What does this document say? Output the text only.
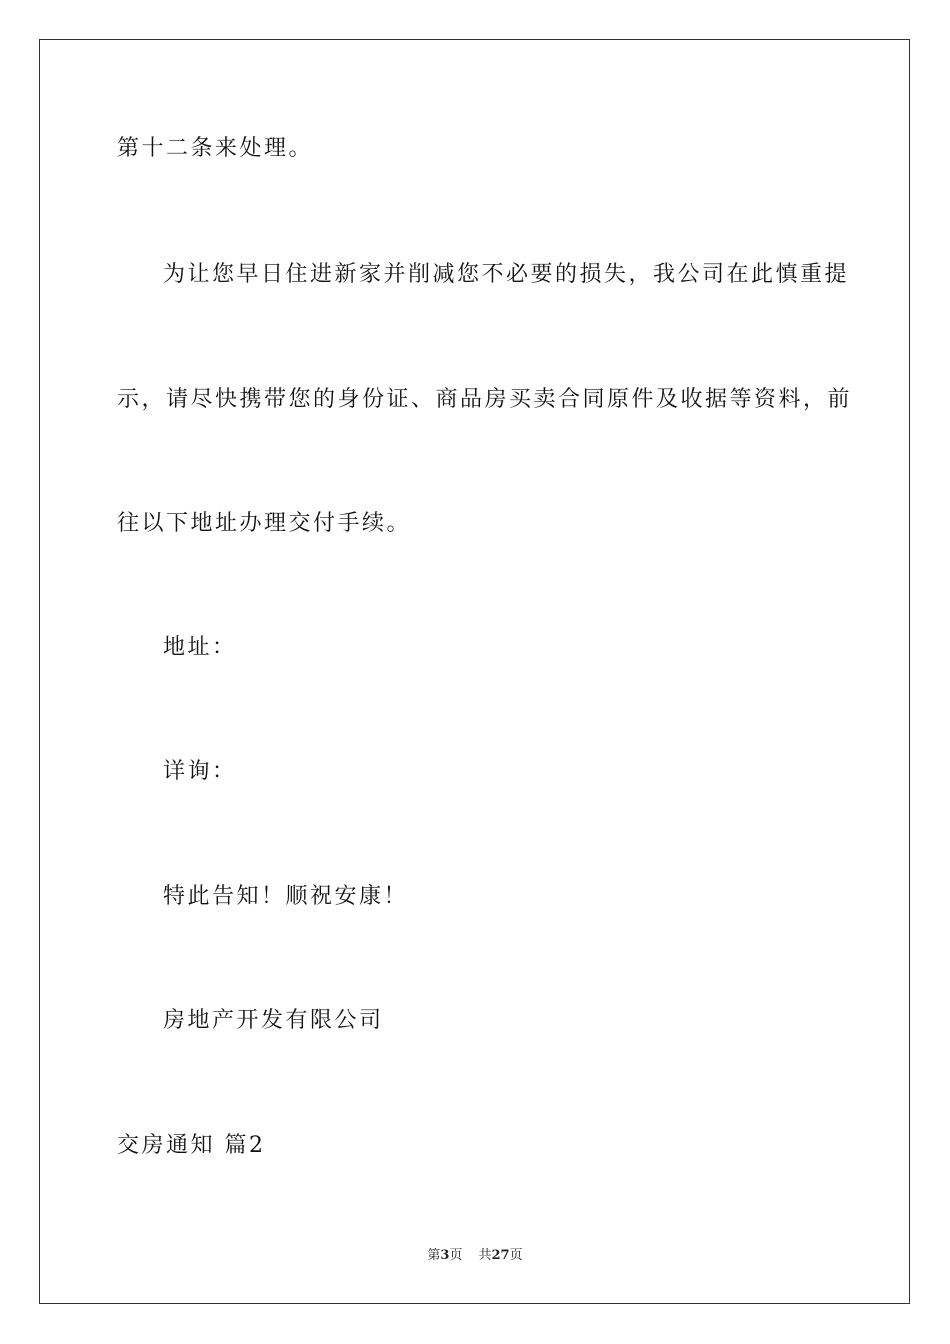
第十二条来处理。
为让您早日住进新家并削减您不必要的损失，我公司在此慎重提
示，请尽快携带您的身份证、商品房买卖合同原件及收据等资料，前
往以下地址办理交付手续。
地址：
详询：
特此告知！顺祝安康！
房地产开发有限公司
交房通知 篇2
第3页 共27页
